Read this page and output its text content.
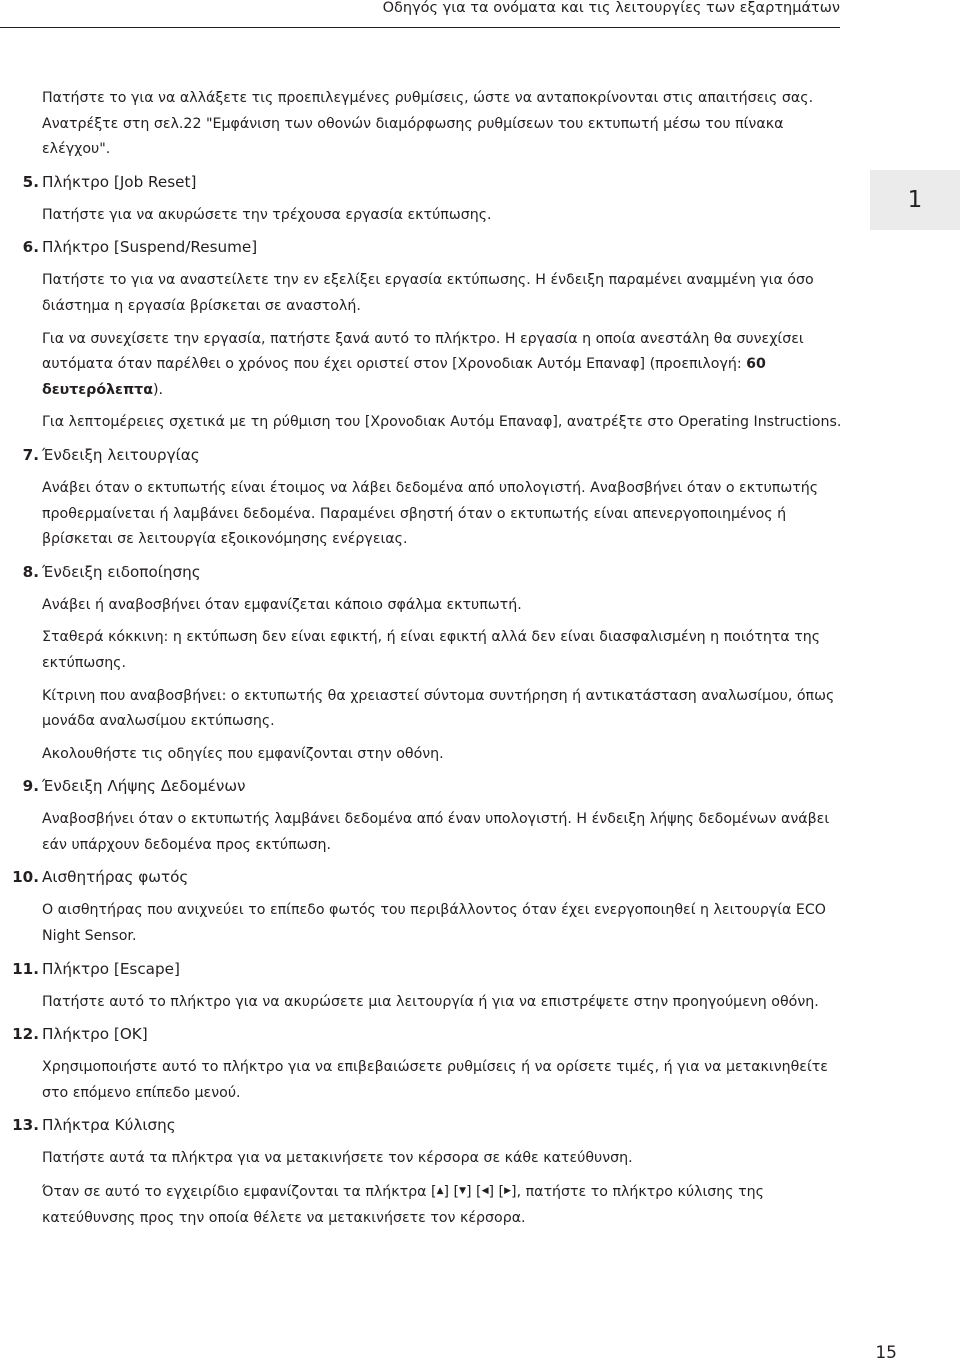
Οδηγός για τα ονόματα και τις λειτουργίες των εξαρτημάτων
1

Πατήστε το για να αλλάξετε τις προεπιλεγμένες ρυθμίσεις, ώστε να ανταποκρίνονται στις απαιτήσεις σας. Ανατρέξτε στη σελ.22 "Εμφάνιση των οθονών διαμόρφωσης ρυθμίσεων του εκτυπωτή μέσω του πίνακα ελέγχου".

5. Πλήκτρο [Job Reset]

Πατήστε για να ακυρώσετε την τρέχουσα εργασία εκτύπωσης.

6. Πλήκτρο [Suspend/Resume]

Πατήστε το για να αναστείλετε την εν εξελίξει εργασία εκτύπωσης. Η ένδειξη παραμένει αναμμένη για όσο διάστημα η εργασία βρίσκεται σε αναστολή.

Για να συνεχίσετε την εργασία, πατήστε ξανά αυτό το πλήκτρο. Η εργασία η οποία ανεστάλη θα συνεχίσει αυτόματα όταν παρέλθει ο χρόνος που έχει οριστεί στον [Χρονοδιακ Αυτόμ Επαναφ] (προεπιλογή: 60 δευτερόλεπτα).

Για λεπτομέρειες σχετικά με τη ρύθμιση του [Χρονοδιακ Αυτόμ Επαναφ], ανατρέξτε στο Operating Instructions.

7. Ένδειξη λειτουργίας

Ανάβει όταν ο εκτυπωτής είναι έτοιμος να λάβει δεδομένα από υπολογιστή. Αναβοσβήνει όταν ο εκτυπωτής προθερμαίνεται ή λαμβάνει δεδομένα. Παραμένει σβηστή όταν ο εκτυπωτής είναι απενεργοποιημένος ή βρίσκεται σε λειτουργία εξοικονόμησης ενέργειας.

8. Ένδειξη ειδοποίησης

Ανάβει ή αναβοσβήνει όταν εμφανίζεται κάποιο σφάλμα εκτυπωτή.

Σταθερά κόκκινη: η εκτύπωση δεν είναι εφικτή, ή είναι εφικτή αλλά δεν είναι διασφαλισμένη η ποιότητα της εκτύπωσης.

Κίτρινη που αναβοσβήνει: ο εκτυπωτής θα χρειαστεί σύντομα συντήρηση ή αντικατάσταση αναλωσίμου, όπως μονάδα αναλωσίμου εκτύπωσης.

Ακολουθήστε τις οδηγίες που εμφανίζονται στην οθόνη.

9. Ένδειξη Λήψης Δεδομένων

Αναβοσβήνει όταν ο εκτυπωτής λαμβάνει δεδομένα από έναν υπολογιστή. Η ένδειξη λήψης δεδομένων ανάβει εάν υπάρχουν δεδομένα προς εκτύπωση.

10. Αισθητήρας φωτός

Ο αισθητήρας που ανιχνεύει το επίπεδο φωτός του περιβάλλοντος όταν έχει ενεργοποιηθεί η λειτουργία ECO Night Sensor.

11. Πλήκτρο [Escape]

Πατήστε αυτό το πλήκτρο για να ακυρώσετε μια λειτουργία ή για να επιστρέψετε στην προηγούμενη οθόνη.

12. Πλήκτρο [OK]

Χρησιμοποιήστε αυτό το πλήκτρο για να επιβεβαιώσετε ρυθμίσεις ή να ορίσετε τιμές, ή για να μετακινηθείτε στο επόμενο επίπεδο μενού.

13. Πλήκτρα Κύλισης

Πατήστε αυτά τα πλήκτρα για να μετακινήσετε τον κέρσορα σε κάθε κατεύθυνση.

Όταν σε αυτό το εγχειρίδιο εμφανίζονται τα πλήκτρα [▲] [▼] [◀] [▶], πατήστε το πλήκτρο κύλισης της κατεύθυνσης προς την οποία θέλετε να μετακινήσετε τον κέρσορα.

15
